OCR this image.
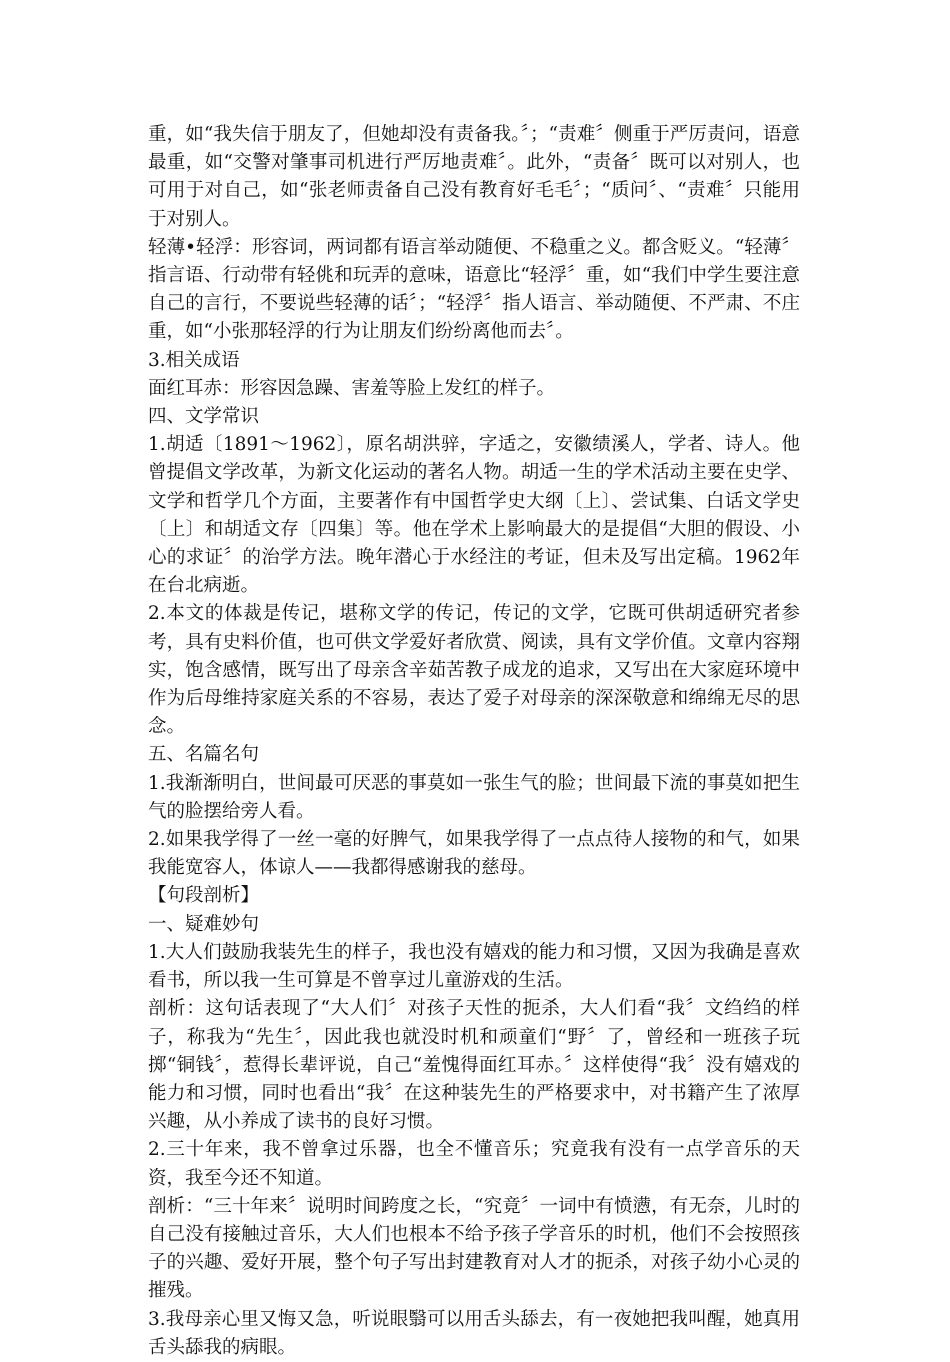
重，如“我失信于朋友了，但她却没有责备我。〞；“责难〞侧重于严厉责问，语意最重，如“交警对肇事司机进行严厉地责难〞。此外，“责备〞既可以对别人，也可用于对自己，如“张老师责备自己没有教育好毛毛〞；“质问〞、“责难〞只能用于对别人。

轻薄•轻浮：形容词，两词都有语言举动随便、不稳重之义。都含贬义。“轻薄〞指言语、行动带有轻佻和玩弄的意味，语意比“轻浮〞重，如“我们中学生要注意自己的言行，不要说些轻薄的话〞；“轻浮〞指人语言、举动随便、不严肃、不庄重，如“小张那轻浮的行为让朋友们纷纷离他而去〞。

3.相关成语

面红耳赤：形容因急躁、害羞等脸上发红的样子。

四、文学常识

1.胡适〔1891～1962〕，原名胡洪骍，字适之，安徽绩溪人，学者、诗人。他曾提倡文学改革，为新文化运动的著名人物。胡适一生的学术活动主要在史学、文学和哲学几个方面，主要著作有中国哲学史大纲〔上〕、尝试集、白话文学史〔上〕和胡适文存〔四集〕等。他在学术上影响最大的是提倡“大胆的假设、小心的求证〞的治学方法。晚年潜心于水经注的考证，但未及写出定稿。1962年在台北病逝。

2.本文的体裁是传记，堪称文学的传记，传记的文学，它既可供胡适研究者参考，具有史料价值，也可供文学爱好者欣赏、阅读，具有文学价值。文章内容翔实，饱含感情，既写出了母亲含辛茹苦教子成龙的追求，又写出在大家庭环境中作为后母维持家庭关系的不容易，表达了爱子对母亲的深深敬意和绵绵无尽的思念。

五、名篇名句

1.我渐渐明白，世间最可厌恶的事莫如一张生气的脸；世间最下流的事莫如把生气的脸摆给旁人看。

2.如果我学得了一丝一毫的好脾气，如果我学得了一点点待人接物的和气，如果我能宽容人，体谅人——我都得感谢我的慈母。

【句段剖析】

一、疑难妙句

1.大人们鼓励我装先生的样子，我也没有嬉戏的能力和习惯，又因为我确是喜欢看书，所以我一生可算是不曾享过儿童游戏的生活。

剖析：这句话表现了“大人们〞对孩子天性的扼杀，大人们看“我〞文绉绉的样子，称我为“先生〞，因此我也就没时机和顽童们“野〞了，曾经和一班孩子玩掷“铜钱〞，惹得长辈评说，自己“羞愧得面红耳赤。〞这样使得“我〞没有嬉戏的能力和习惯，同时也看出“我〞在这种装先生的严格要求中，对书籍产生了浓厚兴趣，从小养成了读书的良好习惯。

2.三十年来，我不曾拿过乐器，也全不懂音乐；究竟我有没有一点学音乐的天资，我至今还不知道。

剖析：“三十年来〞说明时间跨度之长，“究竟〞一词中有愤懑，有无奈，儿时的自己没有接触过音乐，大人们也根本不给予孩子学音乐的时机，他们不会按照孩子的兴趣、爱好开展，整个句子写出封建教育对人才的扼杀，对孩子幼小心灵的摧残。

3.我母亲心里又悔又急，听说眼翳可以用舌头舔去，有一夜她把我叫醒，她真用舌头舔我的病眼。
